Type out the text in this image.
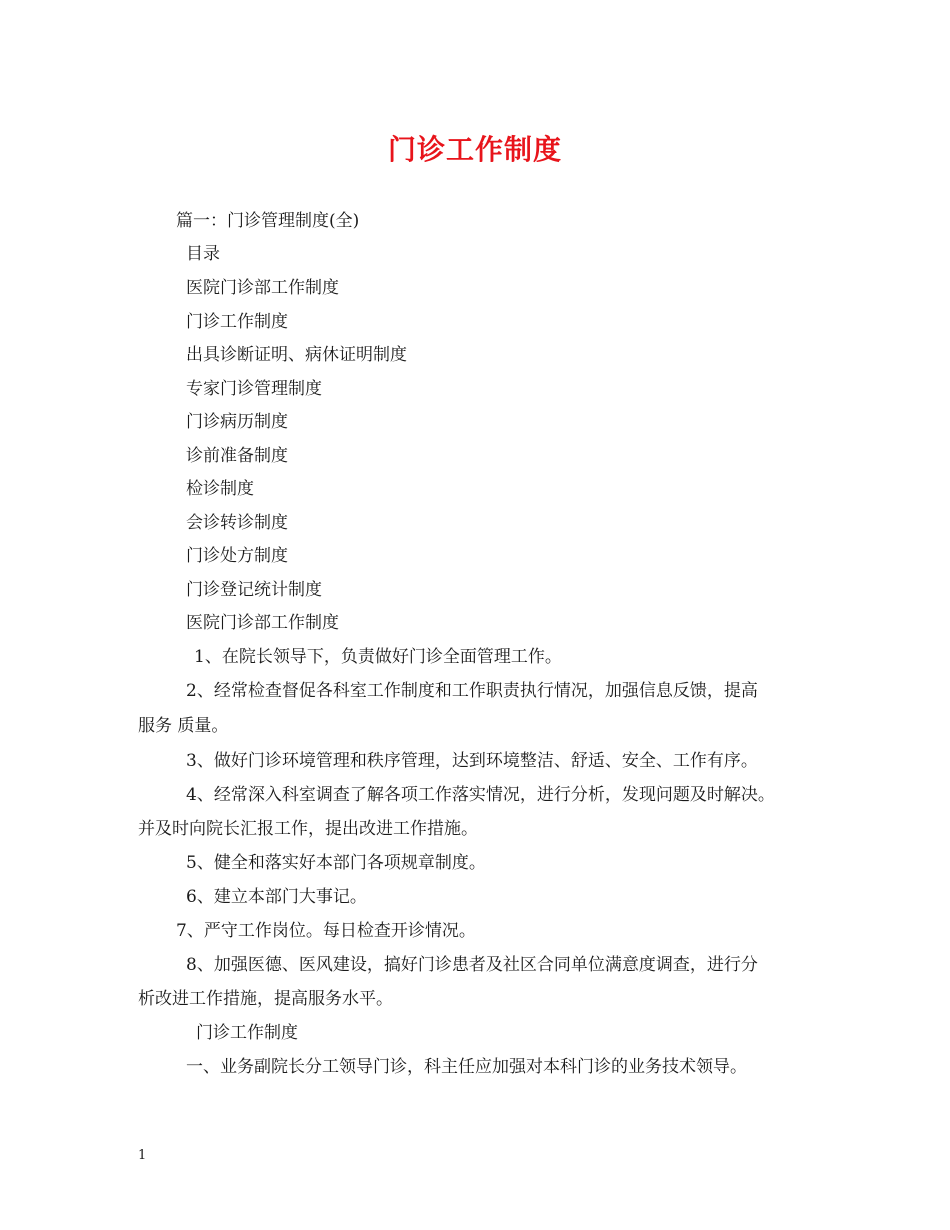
门诊工作制度
篇一：门诊管理制度(全)
目录
医院门诊部工作制度
门诊工作制度
出具诊断证明、病休证明制度
专家门诊管理制度
门诊病历制度
诊前准备制度
检诊制度
会诊转诊制度
门诊处方制度
门诊登记统计制度
医院门诊部工作制度
1、在院长领导下，负责做好门诊全面管理工作。
2、经常检查督促各科室工作制度和工作职责执行情况，加强信息反馈，提高
服务 质量。
3、做好门诊环境管理和秩序管理，达到环境整洁、舒适、安全、工作有序。
4、经常深入科室调查了解各项工作落实情况，进行分析，发现问题及时解决。
并及时向院长汇报工作，提出改进工作措施。
5、健全和落实好本部门各项规章制度。
6、建立本部门大事记。
7、严守工作岗位。每日检查开诊情况。
8、加强医德、医风建设，搞好门诊患者及社区合同单位满意度调查，进行分
析改进工作措施，提高服务水平。
门诊工作制度
一、业务副院长分工领导门诊，科主任应加强对本科门诊的业务技术领导。
1
